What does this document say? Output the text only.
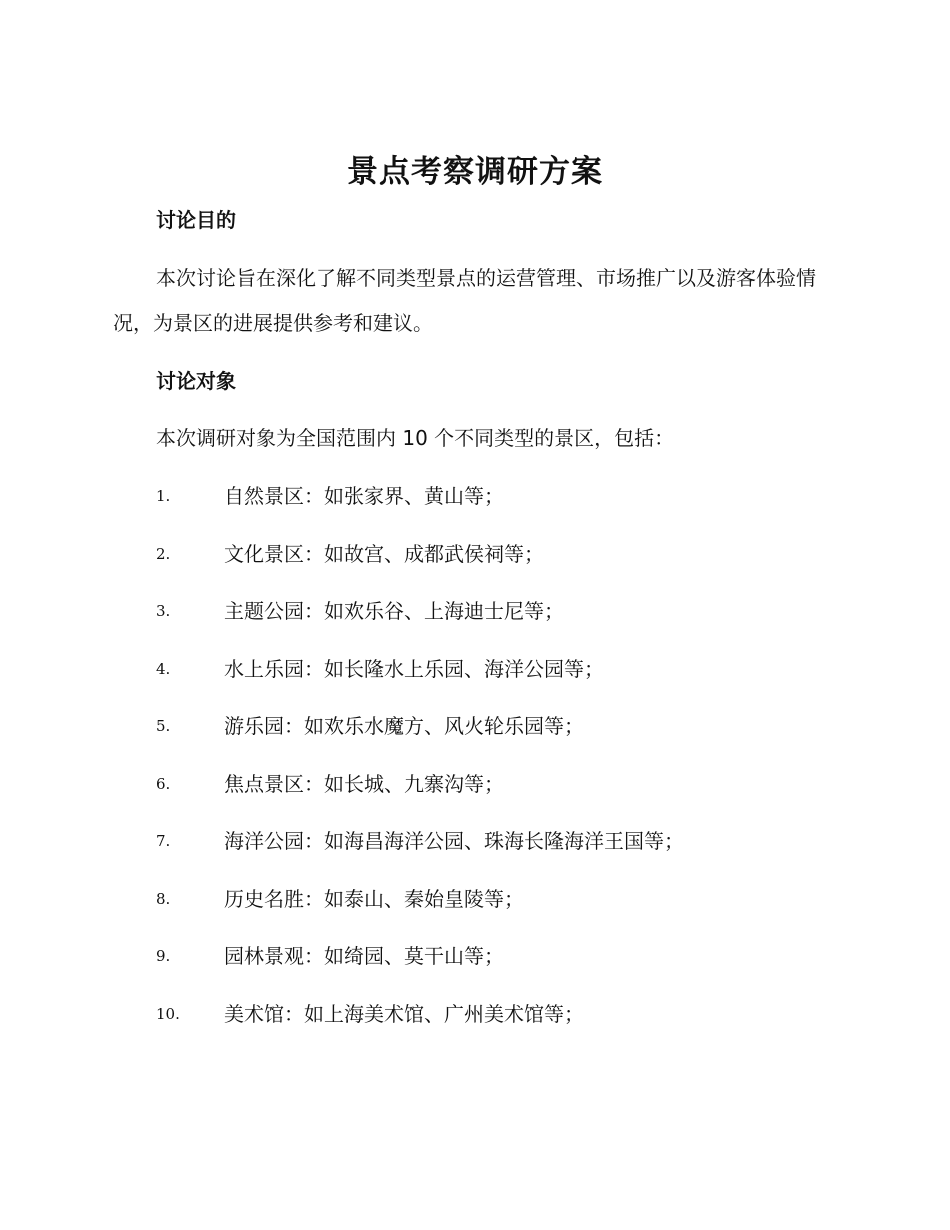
景点考察调研方案
讨论目的
本次讨论旨在深化了解不同类型景点的运营管理、市场推广以及游客体验情况，为景区的进展提供参考和建议。
讨论对象
本次调研对象为全国范围内 10 个不同类型的景区，包括：
1.	自然景区：如张家界、黄山等；
2.	文化景区：如故宫、成都武侯祠等；
3.	主题公园：如欢乐谷、上海迪士尼等；
4.	水上乐园：如长隆水上乐园、海洋公园等；
5.	游乐园：如欢乐水魔方、风火轮乐园等；
6.	焦点景区：如长城、九寨沟等；
7.	海洋公园：如海昌海洋公园、珠海长隆海洋王国等；
8.	历史名胜：如泰山、秦始皇陵等；
9.	园林景观：如绮园、莫干山等；
10.	美术馆：如上海美术馆、广州美术馆等；
